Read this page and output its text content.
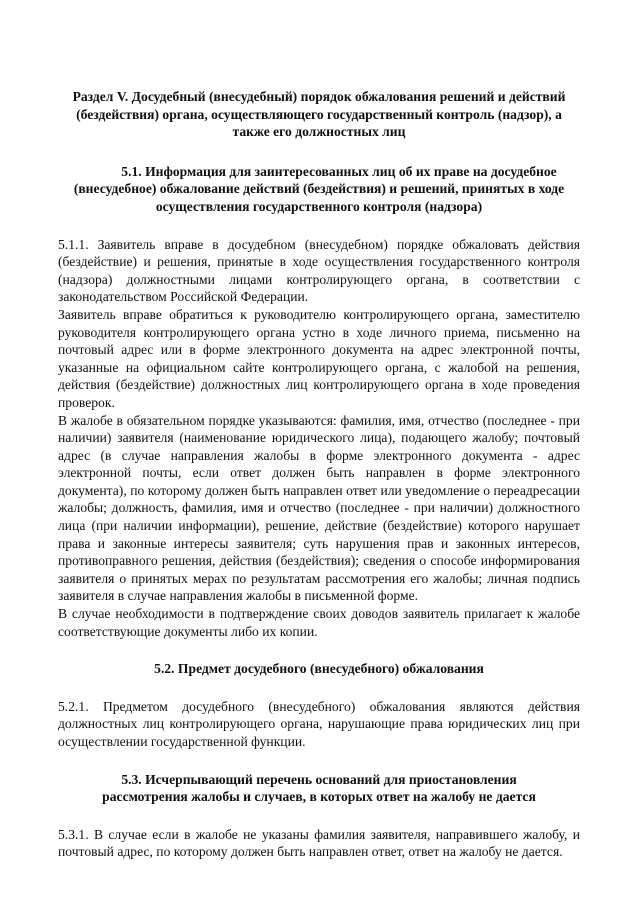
Раздел V. Досудебный (внесудебный) порядок обжалования решений и действий (бездействия) органа, осуществляющего государственный контроль (надзор), а также его должностных лиц
5.1. Информация для заинтересованных лиц об их праве на досудебное
(внесудебное) обжалование действий (бездействия) и решений, принятых в ходе осуществления государственного контроля (надзора)

5.1.1. Заявитель вправе в досудебном (внесудебном) порядке обжаловать действия (бездействие) и решения, принятые в ходе осуществления государственного контроля (надзора) должностными лицами контролирующего органа, в соответствии с законодательством Российской Федерации.

Заявитель вправе обратиться к руководителю контролирующего органа, заместителю руководителя контролирующего органа устно в ходе личного приема, письменно на почтовый адрес или в форме электронного документа на адрес электронной почты, указанные на официальном сайте контролирующего органа, с жалобой на решения, действия (бездействие) должностных лиц контролирующего органа в ходе проведения проверок.

В жалобе в обязательном порядке указываются: фамилия, имя, отчество (последнее - при наличии) заявителя (наименование юридического лица), подающего жалобу; почтовый адрес (в случае направления жалобы в форме электронного документа - адрес электронной почты, если ответ должен быть направлен в форме электронного документа), по которому должен быть направлен ответ или уведомление о переадресации жалобы; должность, фамилия, имя и отчество (последнее - при наличии) должностного лица (при наличии информации), решение, действие (бездействие) которого нарушает права и законные интересы заявителя; суть нарушения прав и законных интересов, противоправного решения, действия (бездействия); сведения о способе информирования заявителя о принятых мерах по результатам рассмотрения его жалобы; личная подпись заявителя в случае направления жалобы в письменной форме.

В случае необходимости в подтверждение своих доводов заявитель прилагает к жалобе соответствующие документы либо их копии.

5.2. Предмет досудебного (внесудебного) обжалования

5.2.1. Предметом досудебного (внесудебного) обжалования являются действия должностных лиц контролирующего органа, нарушающие права юридических лиц при осуществлении государственной функции.

5.3. Исчерпывающий перечень оснований для приостановления
рассмотрения жалобы и случаев, в которых ответ на жалобу не дается

5.3.1. В случае если в жалобе не указаны фамилия заявителя, направившего жалобу, и почтовый адрес, по которому должен быть направлен ответ, ответ на жалобу не дается.
